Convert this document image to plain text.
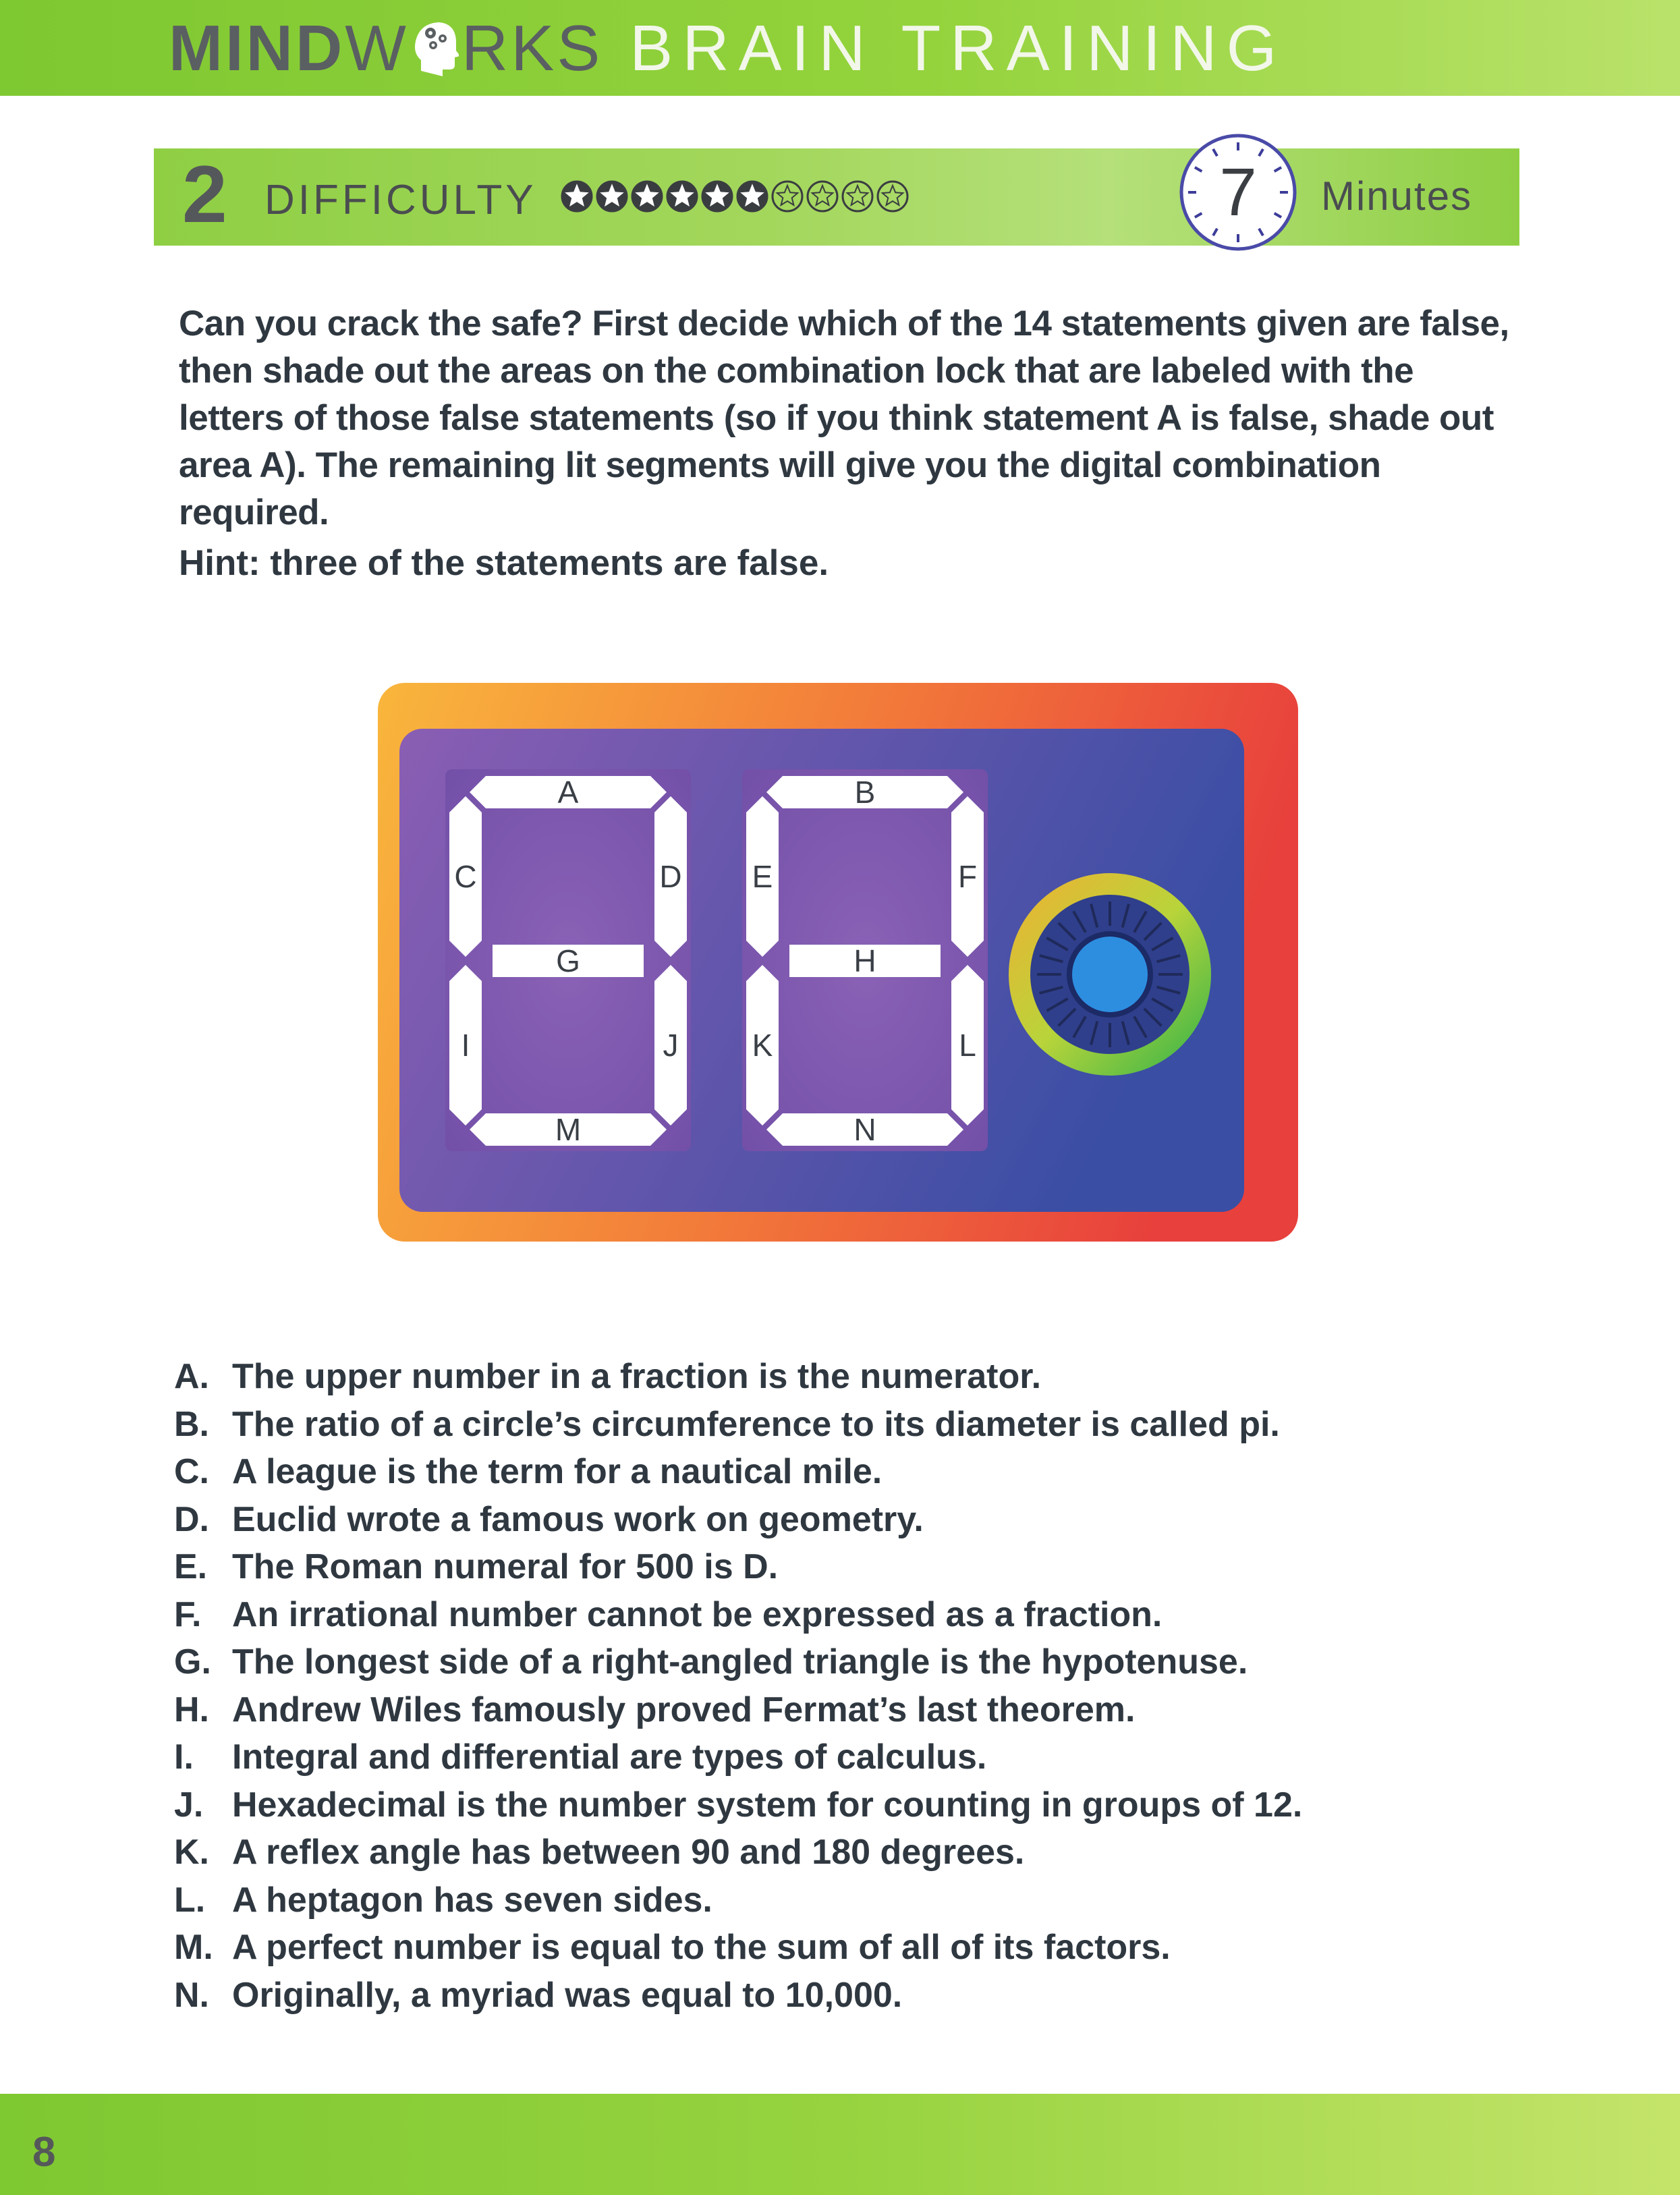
MIND W RKS BRAIN TRAINING
2 DIFFICULTY	7	Minutes
Can you crack the safe? First decide which of the 14 statements given are false, then shade out the areas on the combination lock that are labeled with the letters of those false statements (so if you think statement A is false, shade out area A). The remaining lit segments will give you the digital combination required.
Hint: three of the statements are false.
A
C	D
G
I	J
M
B
E	F
H
K	L
N
A. The upper number in a fraction is the numerator.
B. The ratio of a circle’s circumference to its diameter is called pi.
C. A league is the term for a nautical mile.
D. Euclid wrote a famous work on geometry.
E. The Roman numeral for 500 is D.
F. An irrational number cannot be expressed as a fraction.
G. The longest side of a right-angled triangle is the hypotenuse.
H. Andrew Wiles famously proved Fermat’s last theorem.
I.	Integral and differential are types of calculus.
J. Hexadecimal is the number system for counting in groups of 12.
K. A reflex angle has between 90 and 180 degrees.
L. A heptagon has seven sides.
M. A perfect number is equal to the sum of all of its factors.
N. Originally, a myriad was equal to 10,000.
8
